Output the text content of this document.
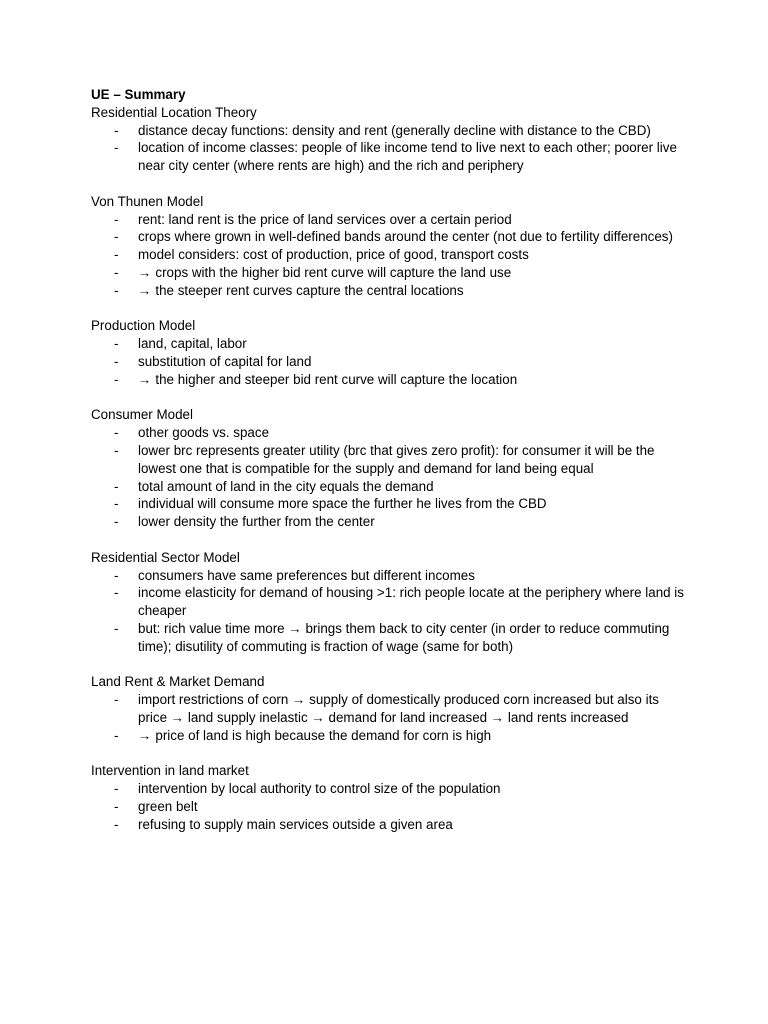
UE – Summary
Residential Location Theory
- distance decay functions: density and rent (generally decline with distance to the CBD)
- location of income classes: people of like income tend to live next to each other; poorer live near city center (where rents are high) and the rich and periphery
Von Thunen Model
- rent: land rent is the price of land services over a certain period
- crops where grown in well-defined bands around the center (not due to fertility differences)
- model considers: cost of production, price of good, transport costs
- → crops with the higher bid rent curve will capture the land use
- → the steeper rent curves capture the central locations
Production Model
- land, capital, labor
- substitution of capital for land
- → the higher and steeper bid rent curve will capture the location
Consumer Model
- other goods vs. space
- lower brc represents greater utility (brc that gives zero profit): for consumer it will be the lowest one that is compatible for the supply and demand for land being equal
- total amount of land in the city equals the demand
- individual will consume more space the further he lives from the CBD
- lower density the further from the center
Residential Sector Model
- consumers have same preferences but different incomes
- income elasticity for demand of housing >1: rich people locate at the periphery where land is cheaper
- but: rich value time more → brings them back to city center (in order to reduce commuting time); disutility of commuting is fraction of wage (same for both)
Land Rent & Market Demand
- import restrictions of corn → supply of domestically produced corn increased but also its price → land supply inelastic → demand for land increased → land rents increased
- → price of land is high because the demand for corn is high
Intervention in land market
- intervention by local authority to control size of the population
- green belt
- refusing to supply main services outside a given area
